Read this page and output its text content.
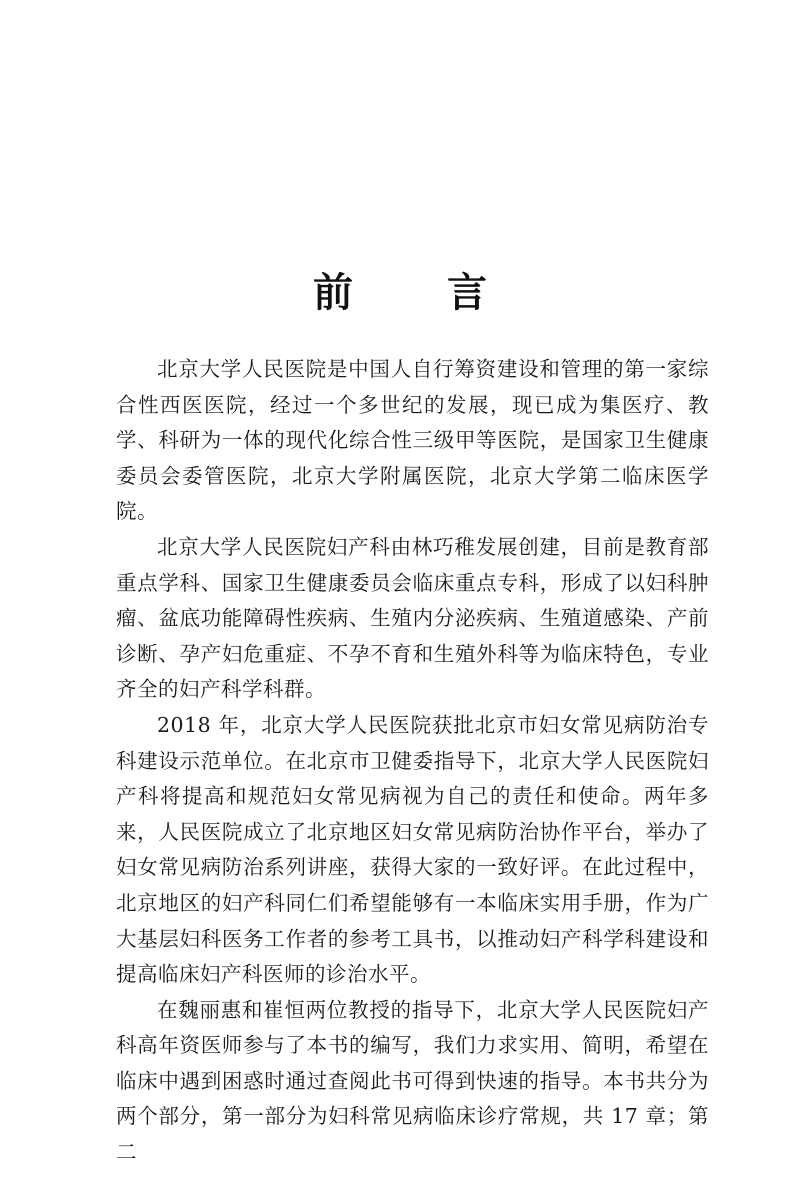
前 言

北京大学人民医院是中国人自行筹资建设和管理的第一家综合性西医医院，经过一个多世纪的发展，现已成为集医疗、教学、科研为一体的现代化综合性三级甲等医院，是国家卫生健康委员会委管医院，北京大学附属医院，北京大学第二临床医学院。

北京大学人民医院妇产科由林巧稚发展创建，目前是教育部重点学科、国家卫生健康委员会临床重点专科，形成了以妇科肿瘤、盆底功能障碍性疾病、生殖内分泌疾病、生殖道感染、产前诊断、孕产妇危重症、不孕不育和生殖外科等为临床特色，专业齐全的妇产科学科群。

2018 年，北京大学人民医院获批北京市妇女常见病防治专科建设示范单位。在北京市卫健委指导下，北京大学人民医院妇产科将提高和规范妇女常见病视为自己的责任和使命。两年多来，人民医院成立了北京地区妇女常见病防治协作平台，举办了妇女常见病防治系列讲座，获得大家的一致好评。在此过程中，北京地区的妇产科同仁们希望能够有一本临床实用手册，作为广大基层妇科医务工作者的参考工具书，以推动妇产科学科建设和提高临床妇产科医师的诊治水平。

在魏丽惠和崔恒两位教授的指导下，北京大学人民医院妇产科高年资医师参与了本书的编写，我们力求实用、简明，希望在临床中遇到困惑时通过查阅此书可得到快速的指导。本书共分为两个部分，第一部分为妇科常见病临床诊疗常规，共 17 章；第二
